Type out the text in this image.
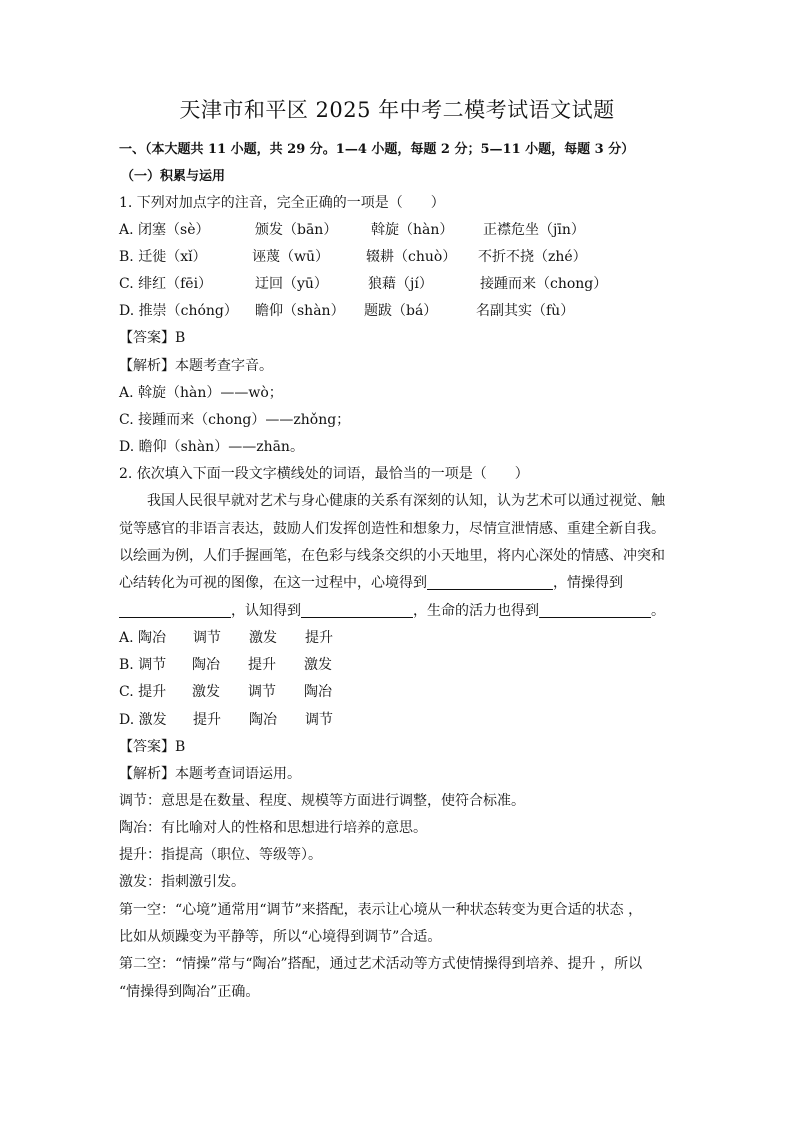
天津市和平区 2025 年中考二模考试语文试题
一、（本大题共 11 小题，共 29 分。1—4 小题，每题 2 分；5—11 小题，每题 3 分）
（一）积累与运用
1. 下列对加点字的注音，完全正确的一项是（　　）
A. 闭塞（sè）	颁发（bān） 斡旋（hàn） 正襟危坐（jīn）
B. 迁徙（xǐ）	诬蔑（wū）	辍耕（chuò） 不折不挠（zhé）
C. 绯红（fēi）	迂回（yū）	狼藉（jí）	接踵而来（chong）
D. 推崇（chóng） 瞻仰（shàn） 题跋（bá）	名副其实（fù）
【答案】B
【解析】本题考查字音。
A. 斡旋（hàn）——wò；
C. 接踵而来（chong）——zhǒng；
D. 瞻仰（shàn）——zhān。
2. 依次填入下面一段文字横线处的词语，最恰当的一项是（　　）
我国人民很早就对艺术与身心健康的关系有深刻的认知，认为艺术可以通过视觉、触
觉等感官的非语言表达，鼓励人们发挥创造性和想象力，尽情宣泄情感、重建全新自我。
以绘画为例，人们手握画笔，在色彩与线条交织的小天地里，将内心深处的情感、冲突和
心结转化为可视的图像，在这一过程中，心境得到	，情操得到
，认知得到	，生命的活力也得到	。
A. 陶冶 调节 激发 提升
B. 调节 陶冶 提升 激发
C. 提升 激发 调节 陶冶
D. 激发 提升 陶冶 调节
【答案】B
【解析】本题考查词语运用。
调节：意思是在数量、程度、规模等方面进行调整，使符合标准。
陶冶：有比喻对人的性格和思想进行培养的意思。
提升：指提高（职位、等级等）。
激发：指刺激引发。
第一空：“心境”通常用“调节”来搭配，表示让心境从一种状态转变为更合适的状态 ，
比如从烦躁变为平静等，所以“心境得到调节”合适。
第二空：“情操”常与“陶冶”搭配，通过艺术活动等方式使情操得到培养、提升 ，所以
“情操得到陶冶”正确。
